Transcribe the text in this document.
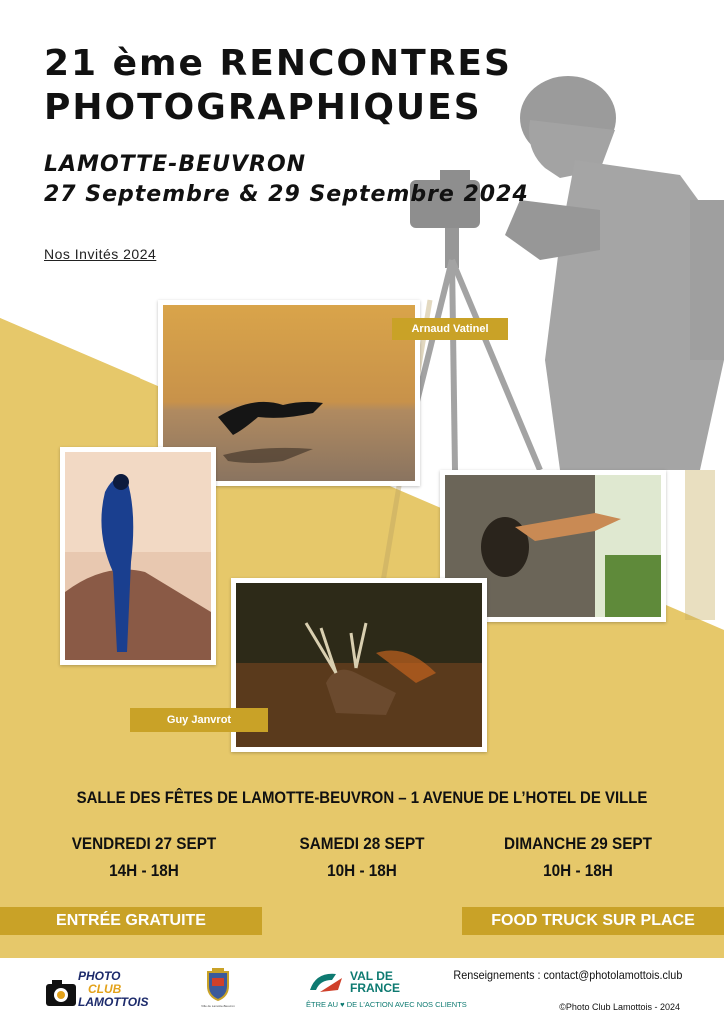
21 ème RENCONTRES
PHOTOGRAPHIQUES
LAMOTTE-BEUVRON
27 Septembre & 29 Septembre 2024
Nos Invités 2024
Arnaud Vatinel
Guy Janvrot
SALLE DES FÊTES DE LAMOTTE-BEUVRON – 1 AVENUE DE L’HOTEL DE VILLE
VENDREDI 27 SEPT
14H - 18H
SAMEDI 28 SEPT
10H - 18H
DIMANCHE 29 SEPT
10H - 18H
ENTRÉE GRATUITE	FOOD TRUCK SUR PLACE
PHOTO
CLUB
LAMOTTOIS	Ville de Lamotte-Beuvron
VAL DE
FRANCE
ÊTRE AU ♥ DE L'ACTION AVEC NOS CLIENTS
Renseignements : contact@photolamottois.club
©Photo Club Lamottois - 2024
